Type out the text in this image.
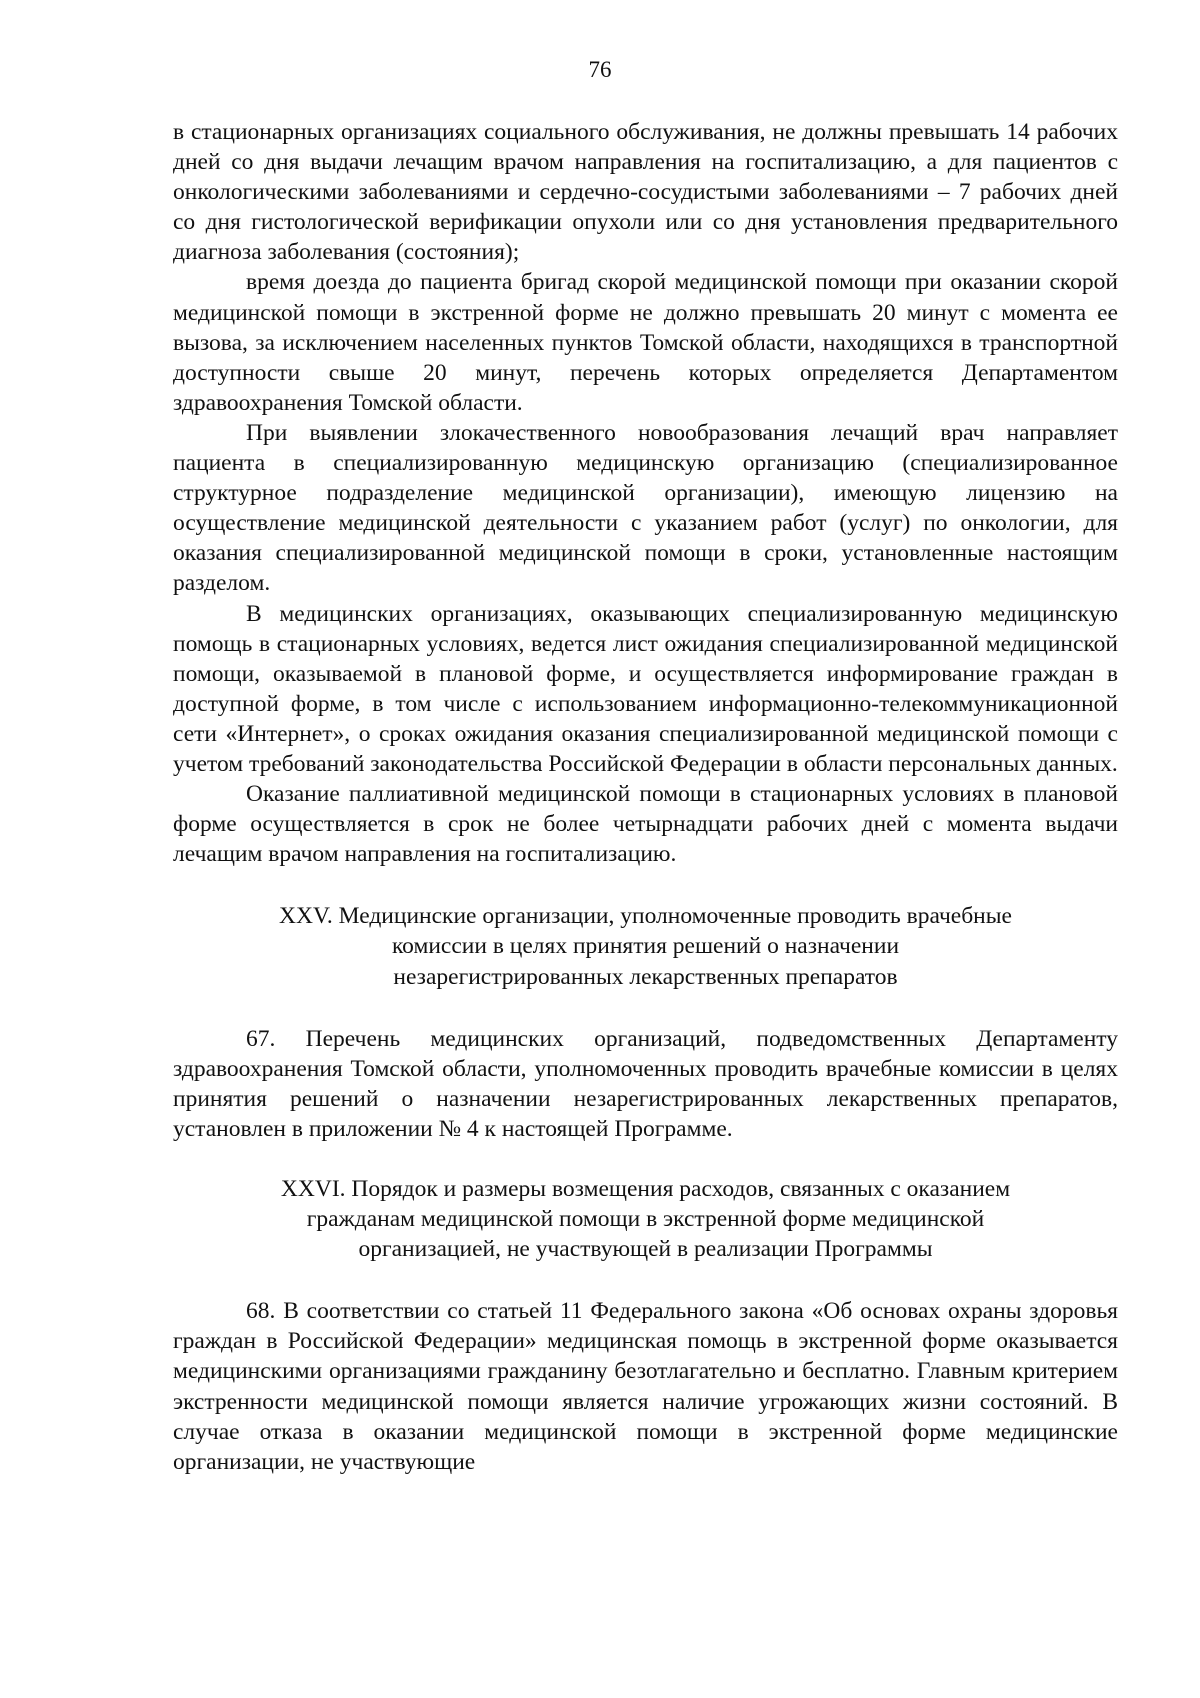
76

в стационарных организациях социального обслуживания, не должны превышать 14 рабочих дней со дня выдачи лечащим врачом направления на госпитализацию, а для пациентов с онкологическими заболеваниями и сердечно-сосудистыми заболеваниями – 7 рабочих дней со дня гистологической верификации опухоли или со дня установления предварительного диагноза заболевания (состояния);

время доезда до пациента бригад скорой медицинской помощи при оказании скорой медицинской помощи в экстренной форме не должно превышать 20 минут с момента ее вызова, за исключением населенных пунктов Томской области, находящихся в транспортной доступности свыше 20 минут, перечень которых определяется Департаментом здравоохранения Томской области.

При выявлении злокачественного новообразования лечащий врач направляет пациента в специализированную медицинскую организацию (специализированное структурное подразделение медицинской организации), имеющую лицензию на осуществление медицинской деятельности с указанием работ (услуг) по онкологии, для оказания специализированной медицинской помощи в сроки, установленные настоящим разделом.

В медицинских организациях, оказывающих специализированную медицинскую помощь в стационарных условиях, ведется лист ожидания специализированной медицинской помощи, оказываемой в плановой форме, и осуществляется информирование граждан в доступной форме, в том числе с использованием информационно-телекоммуникационной сети «Интернет», о сроках ожидания оказания специализированной медицинской помощи с учетом требований законодательства Российской Федерации в области персональных данных.

Оказание паллиативной медицинской помощи в стационарных условиях в плановой форме осуществляется в срок не более четырнадцати рабочих дней с момента выдачи лечащим врачом направления на госпитализацию.

XXV. Медицинские организации, уполномоченные проводить врачебные
комиссии в целях принятия решений о назначении
незарегистрированных лекарственных препаратов

67. Перечень медицинских организаций, подведомственных Департаменту здравоохранения Томской области, уполномоченных проводить врачебные комиссии в целях принятия решений о назначении незарегистрированных лекарственных препаратов, установлен в приложении № 4 к настоящей Программе.

XXVI. Порядок и размеры возмещения расходов, связанных с оказанием
гражданам медицинской помощи в экстренной форме медицинской
организацией, не участвующей в реализации Программы

68. В соответствии со статьей 11 Федерального закона «Об основах охраны здоровья граждан в Российской Федерации» медицинская помощь в экстренной форме оказывается медицинскими организациями гражданину безотлагательно и бесплатно. Главным критерием экстренности медицинской помощи является наличие угрожающих жизни состояний. В случае отказа в оказании медицинской помощи в экстренной форме медицинские организации, не участвующие
